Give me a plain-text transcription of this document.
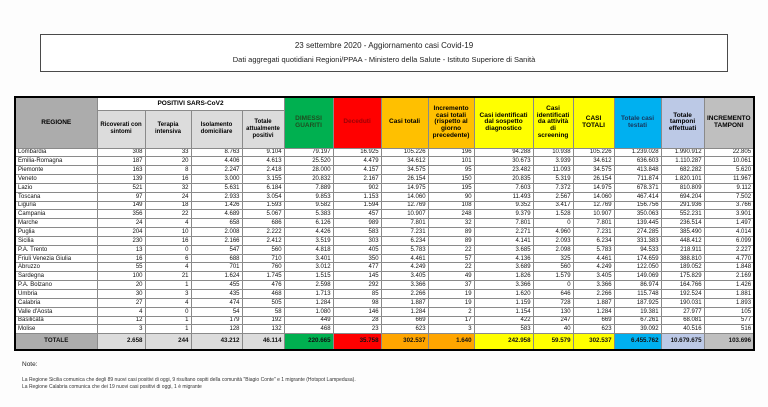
23 settembre 2020 - Aggiornamento casi Covid-19
Dati aggregati quotidiani Regioni/PPAA - Ministero della Salute - Istituto Superiore di Sanità
REGIONE	POSITIVI SARS-CoV2				DIMESSI GUARITI	Deceduti	Casi totali	Incremento casi totali (rispetto al giorno precedente)	Casi identificati dal sospetto diagnostico	Casi identificati da attività di screening	CASI TOTALI	Totale casi testati	Totale tamponi effettuati	INCREMENTO TAMPONI
	Ricoverati con sintomi	Terapia intensiva	Isolamento domiciliare	Totale attualmente positivi										
Lombardia	308	33	8.763	9.104	79.197	16.925	105.226	196	94.288	10.938	105.226	1.239.028	1.990.912	22.805
Emilia-Romagna	187	20	4.406	4.613	25.520	4.479	34.612	101	30.673	3.939	34.612	636.603	1.110.287	10.061
Piemonte	163	8	2.247	2.418	28.000	4.157	34.575	95	23.482	11.093	34.575	413.848	682.282	5.620
Veneto	139	16	3.000	3.155	20.832	2.167	26.154	150	20.835	5.319	26.154	711.874	1.820.101	11.967
Lazio	521	32	5.631	6.184	7.889	902	14.975	195	7.603	7.372	14.975	678.371	810.809	9.112
Toscana	97	24	2.933	3.054	9.853	1.153	14.060	90	11.493	2.567	14.060	467.414	694.204	7.502
Liguria	149	18	1.426	1.593	9.582	1.594	12.769	108	9.352	3.417	12.769	156.756	291.936	3.766
Campania	356	22	4.689	5.067	5.383	457	10.907	248	9.379	1.528	10.907	350.063	552.231	3.901
Marche	24	4	658	686	6.126	989	7.801	32	7.801	0	7.801	139.445	236.514	1.497
Puglia	204	10	2.008	2.222	4.426	583	7.231	89	2.271	4.960	7.231	274.285	385.490	4.014
Sicilia	230	16	2.166	2.412	3.519	303	6.234	89	4.141	2.093	6.234	331.383	448.412	6.099
P.A. Trento	13	0	547	560	4.818	405	5.783	22	3.685	2.098	5.783	94.533	218.911	2.227
Friuli Venezia Giulia	16	6	688	710	3.401	350	4.461	57	4.136	325	4.461	174.659	388.810	4.770
Abruzzo	55	4	701	760	3.012	477	4.249	22	3.689	560	4.249	122.050	189.052	1.848
Sardegna	100	21	1.624	1.745	1.515	145	3.405	49	1.826	1.579	3.405	149.069	175.829	2.169
P.A. Bolzano	20	1	455	476	2.598	292	3.366	37	3.366	0	3.366	86.974	164.766	1.426
Umbria	30	3	435	468	1.713	85	2.266	19	1.620	646	2.266	115.748	192.524	1.881
Calabria	27	4	474	505	1.284	98	1.887	19	1.159	728	1.887	187.925	190.031	1.893
Valle d'Aosta	4	0	54	58	1.080	146	1.284	2	1.154	130	1.284	19.381	27.977	105
Basilicata	12	1	179	192	449	28	669	17	422	247	669	67.261	68.081	577
Molise	3	1	128	132	468	23	623	3	583	40	623	39.092	40.516	516
TOTALE	2.658	244	43.212	46.114	220.665	35.758	302.537	1.640	242.958	59.579	302.537	6.455.762	10.679.675	103.696
Note:
La Regione Sicilia comunica che degli 89 nuovi casi positivi di oggi, 9 risultano ospiti della comunità "Biagio Conte" e 1 migrante (Hotspot Lampedusa).
La Regione Calabria comunica che dei 19 nuovi casi positivi di oggi, 1 è migrante
